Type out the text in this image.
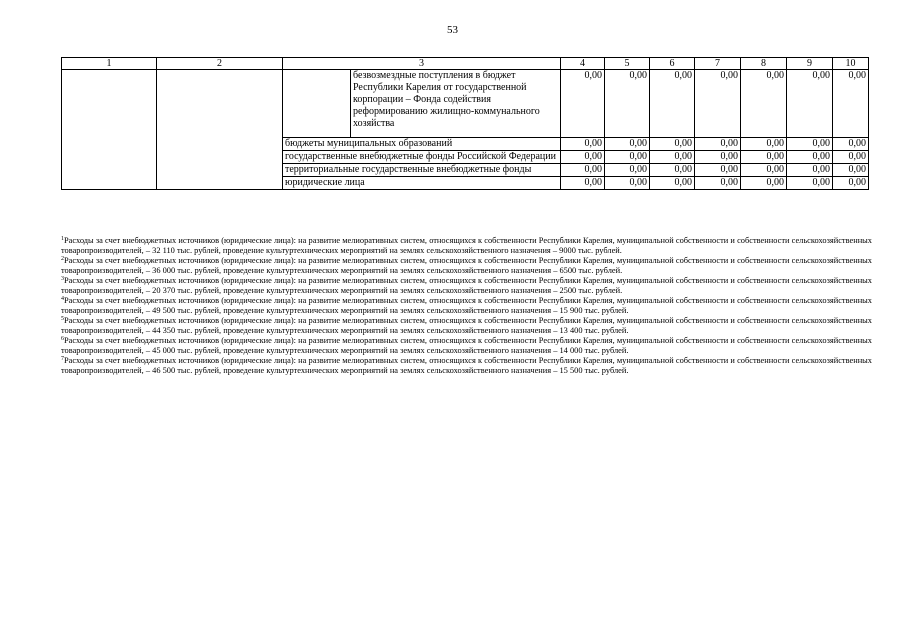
53
1	2	3		4	5	6	7	8	9	10
			безвозмездные поступления в бюджет Республики Карелия от государственной корпорации – Фонда содействия реформированию жилищно-коммунального хозяйства	0,00	0,00	0,00	0,00	0,00	0,00	0,00
		бюджеты муниципальных образований		0,00	0,00	0,00	0,00	0,00	0,00	0,00
		государственные внебюджетные фонды Российской Федерации		0,00	0,00	0,00	0,00	0,00	0,00	0,00
		территориальные государственные внебюджетные фонды		0,00	0,00	0,00	0,00	0,00	0,00	0,00
		юридические лица		0,00	0,00	0,00	0,00	0,00	0,00	0,00

$^1$Расходы за счет внебюджетных источников (юридические лица): на развитие мелиоративных систем, относящихся к собственности Республики Карелия, муниципальной собственности и собственности сельскохозяйственных товаропроизводителей, – 32 110 тыс. рублей, проведение культуртехнических мероприятий на землях сельскохозяйственного назначения – 9000 тыс. рублей.

$^2$Расходы за счет внебюджетных источников (юридические лица): на развитие мелиоративных систем, относящихся к собственности Республики Карелия, муниципальной собственности и собственности сельскохозяйственных товаропроизводителей, – 36 000 тыс. рублей, проведение культуртехнических мероприятий на землях сельскохозяйственного назначения – 6500 тыс. рублей.

$^3$Расходы за счет внебюджетных источников (юридические лица): на развитие мелиоративных систем, относящихся к собственности Республики Карелия, муниципальной собственности и собственности сельскохозяйственных товаропроизводителей, – 20 370 тыс. рублей, проведение культуртехнических мероприятий на землях сельскохозяйственного назначения – 2500 тыс. рублей.

$^4$Расходы за счет внебюджетных источников (юридические лица): на развитие мелиоративных систем, относящихся к собственности Республики Карелия, муниципальной собственности и собственности сельскохозяйственных товаропроизводителей, – 49 500 тыс. рублей, проведение культуртехнических мероприятий на землях сельскохозяйственного назначения – 15 900 тыс. рублей.

$^5$Расходы за счет внебюджетных источников (юридические лица): на развитие мелиоративных систем, относящихся к собственности Республики Карелия, муниципальной собственности и собственности сельскохозяйственных товаропроизводителей, – 44 350 тыс. рублей, проведение культуртехнических мероприятий на землях сельскохозяйственного назначения – 13 400 тыс. рублей.

$^6$Расходы за счет внебюджетных источников (юридические лица): на развитие мелиоративных систем, относящихся к собственности Республики Карелия, муниципальной собственности и собственности сельскохозяйственных товаропроизводителей, – 45 000 тыс. рублей, проведение культуртехнических мероприятий на землях сельскохозяйственного назначения – 14 000 тыс. рублей.

$^7$Расходы за счет внебюджетных источников (юридические лица): на развитие мелиоративных систем, относящихся к собственности Республики Карелия, муниципальной собственности и собственности сельскохозяйственных товаропроизводителей, – 46 500 тыс. рублей, проведение культуртехнических мероприятий на землях сельскохозяйственного назначения – 15 500 тыс. рублей.
